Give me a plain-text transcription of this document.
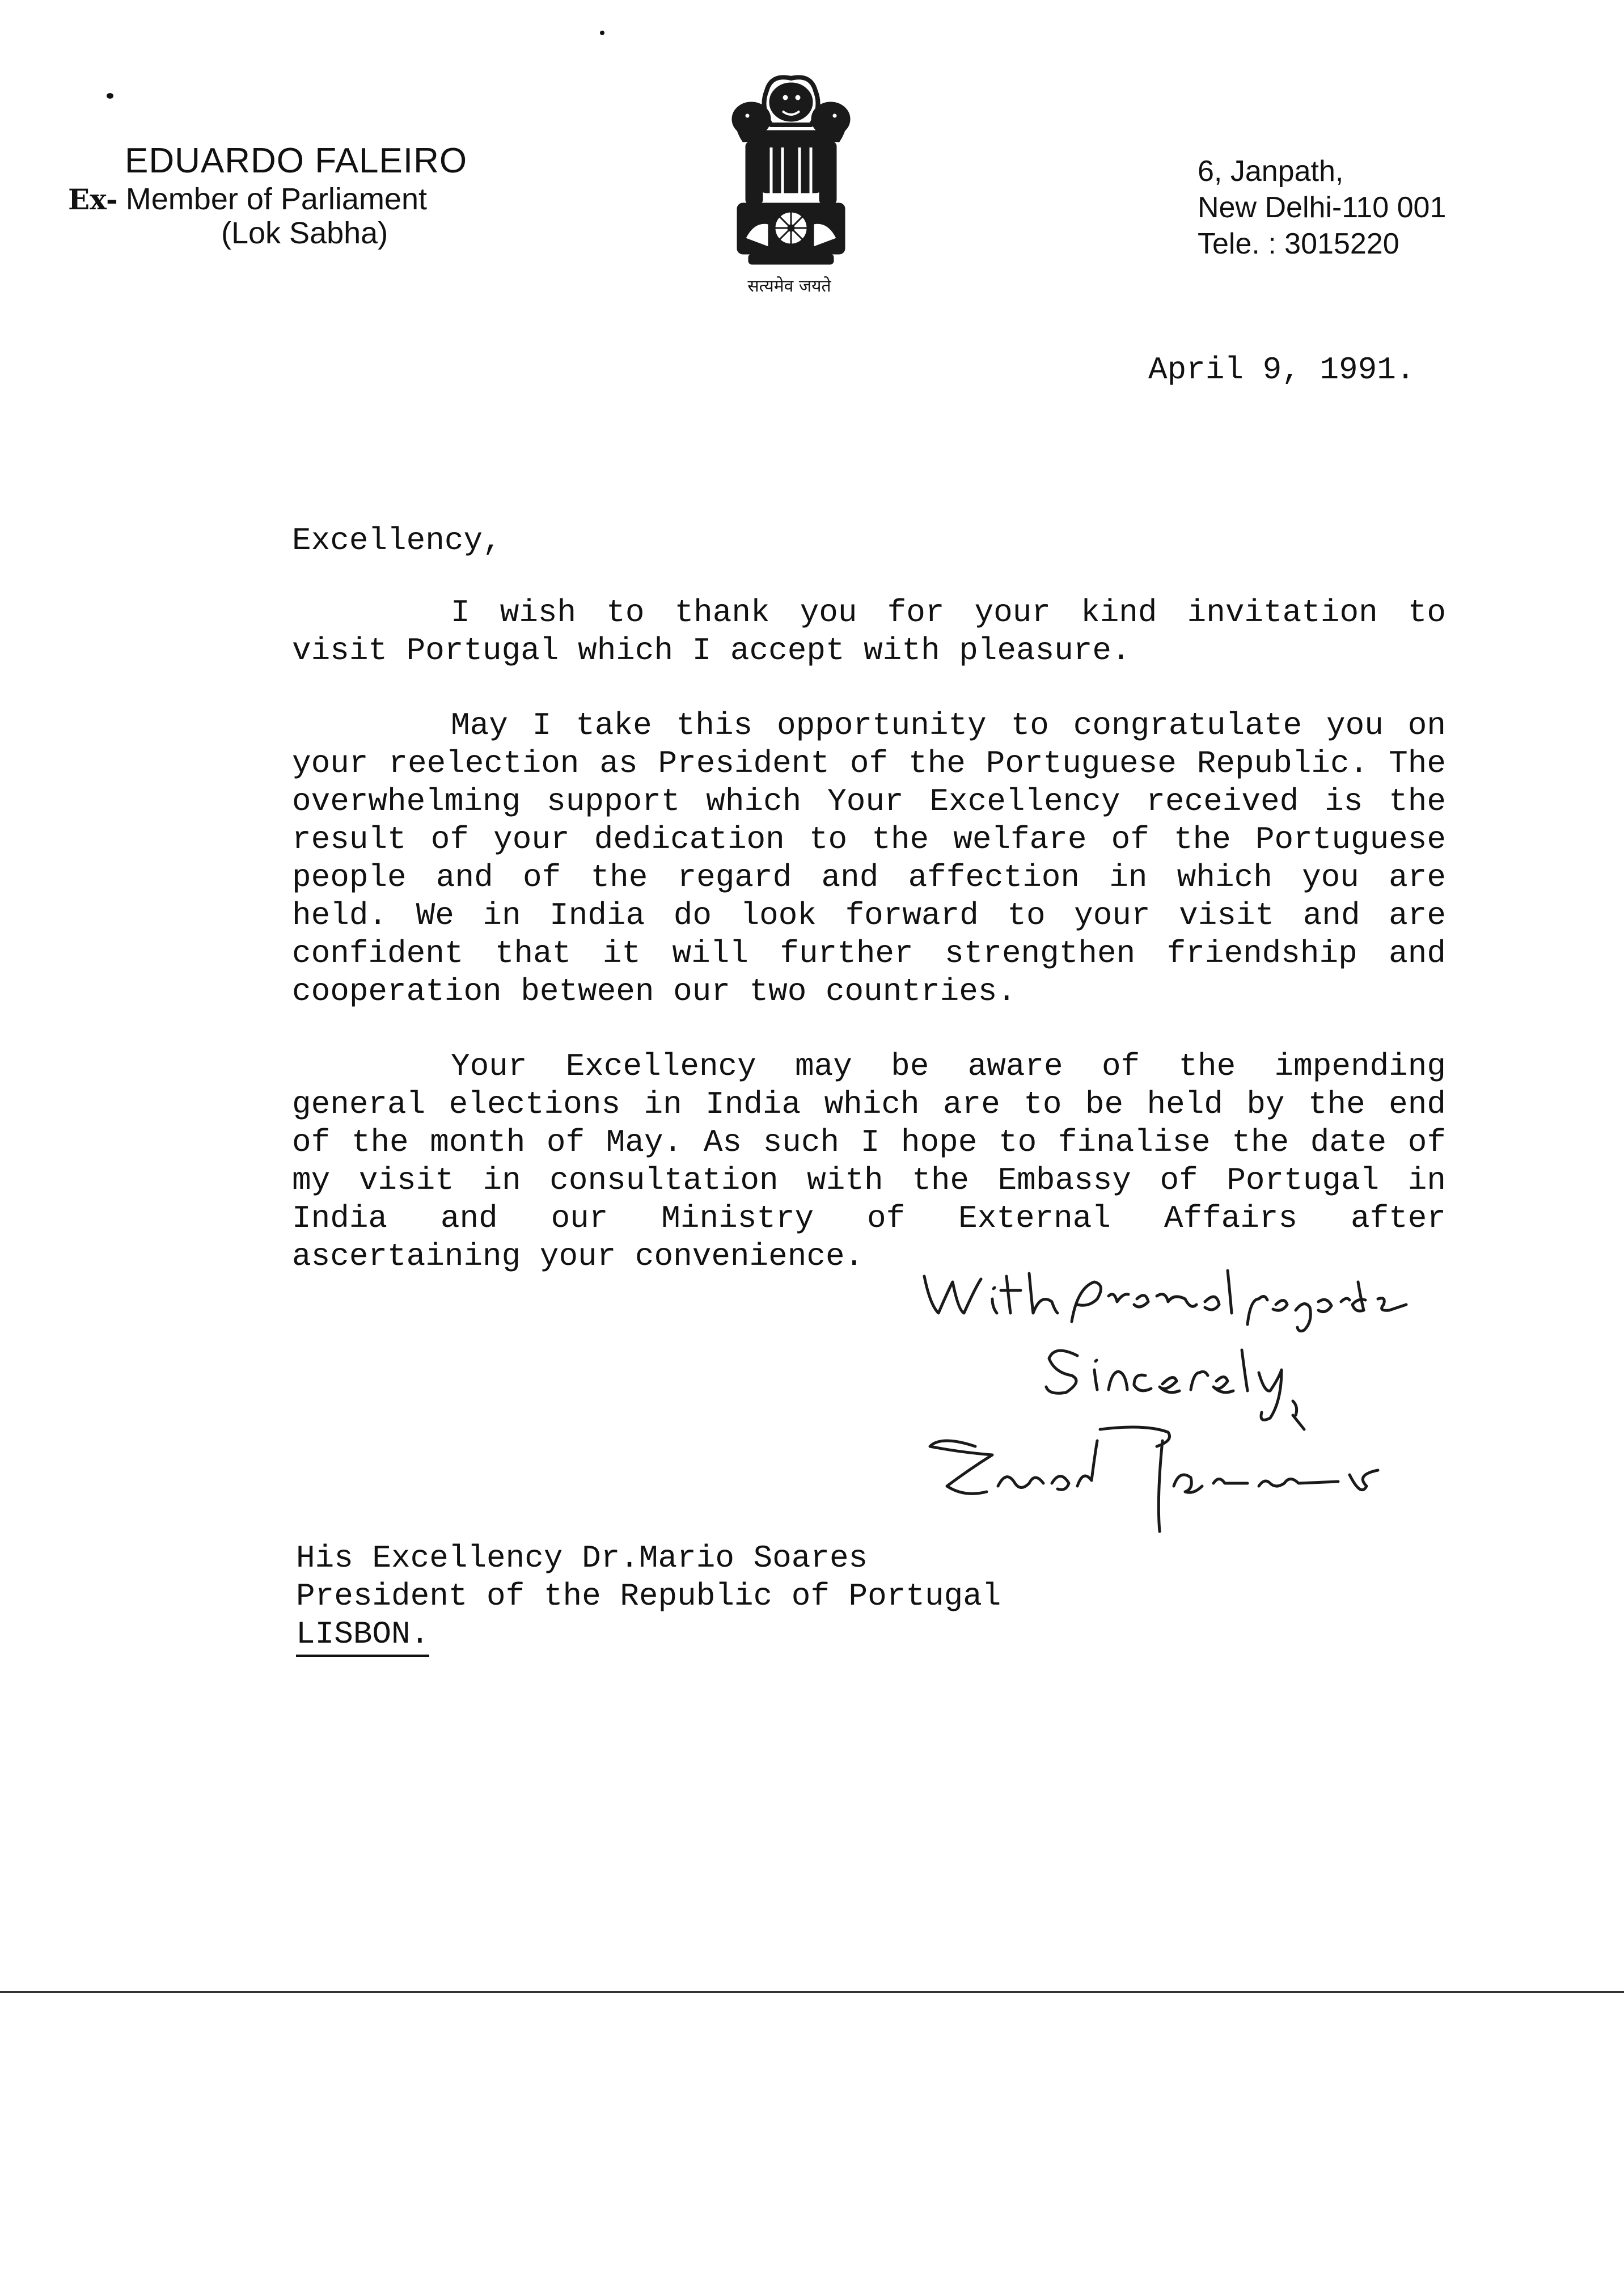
EDUARDO FALEIRO
Ex- Member of Parliament
(Lok Sabha)
सत्यमेव जयते
6, Janpath,
New Delhi-110 001
Tele. : 3015220
April 9, 1991.

Excellency,

I wish to thank you for your kind invitation to visit Portugal which I accept with pleasure.

May I take this opportunity to congratulate you on your reelection as President of the Portuguese Republic. The overwhelming support which Your Excellency received is the result of your dedication to the welfare of the Portuguese people and of the regard and affection in which you are held. We in India do look forward to your visit and are confident that it will further strengthen friendship and cooperation between our two countries.

Your Excellency may be aware of the impending general elections in India which are to be held by the end of the month of May. As such I hope to finalise the date of my visit in consultation with the Embassy of Portugal in India and our Ministry of External Affairs after ascertaining your convenience.

His Excellency Dr.Mario Soares
President of the Republic of Portugal
LISBON.
